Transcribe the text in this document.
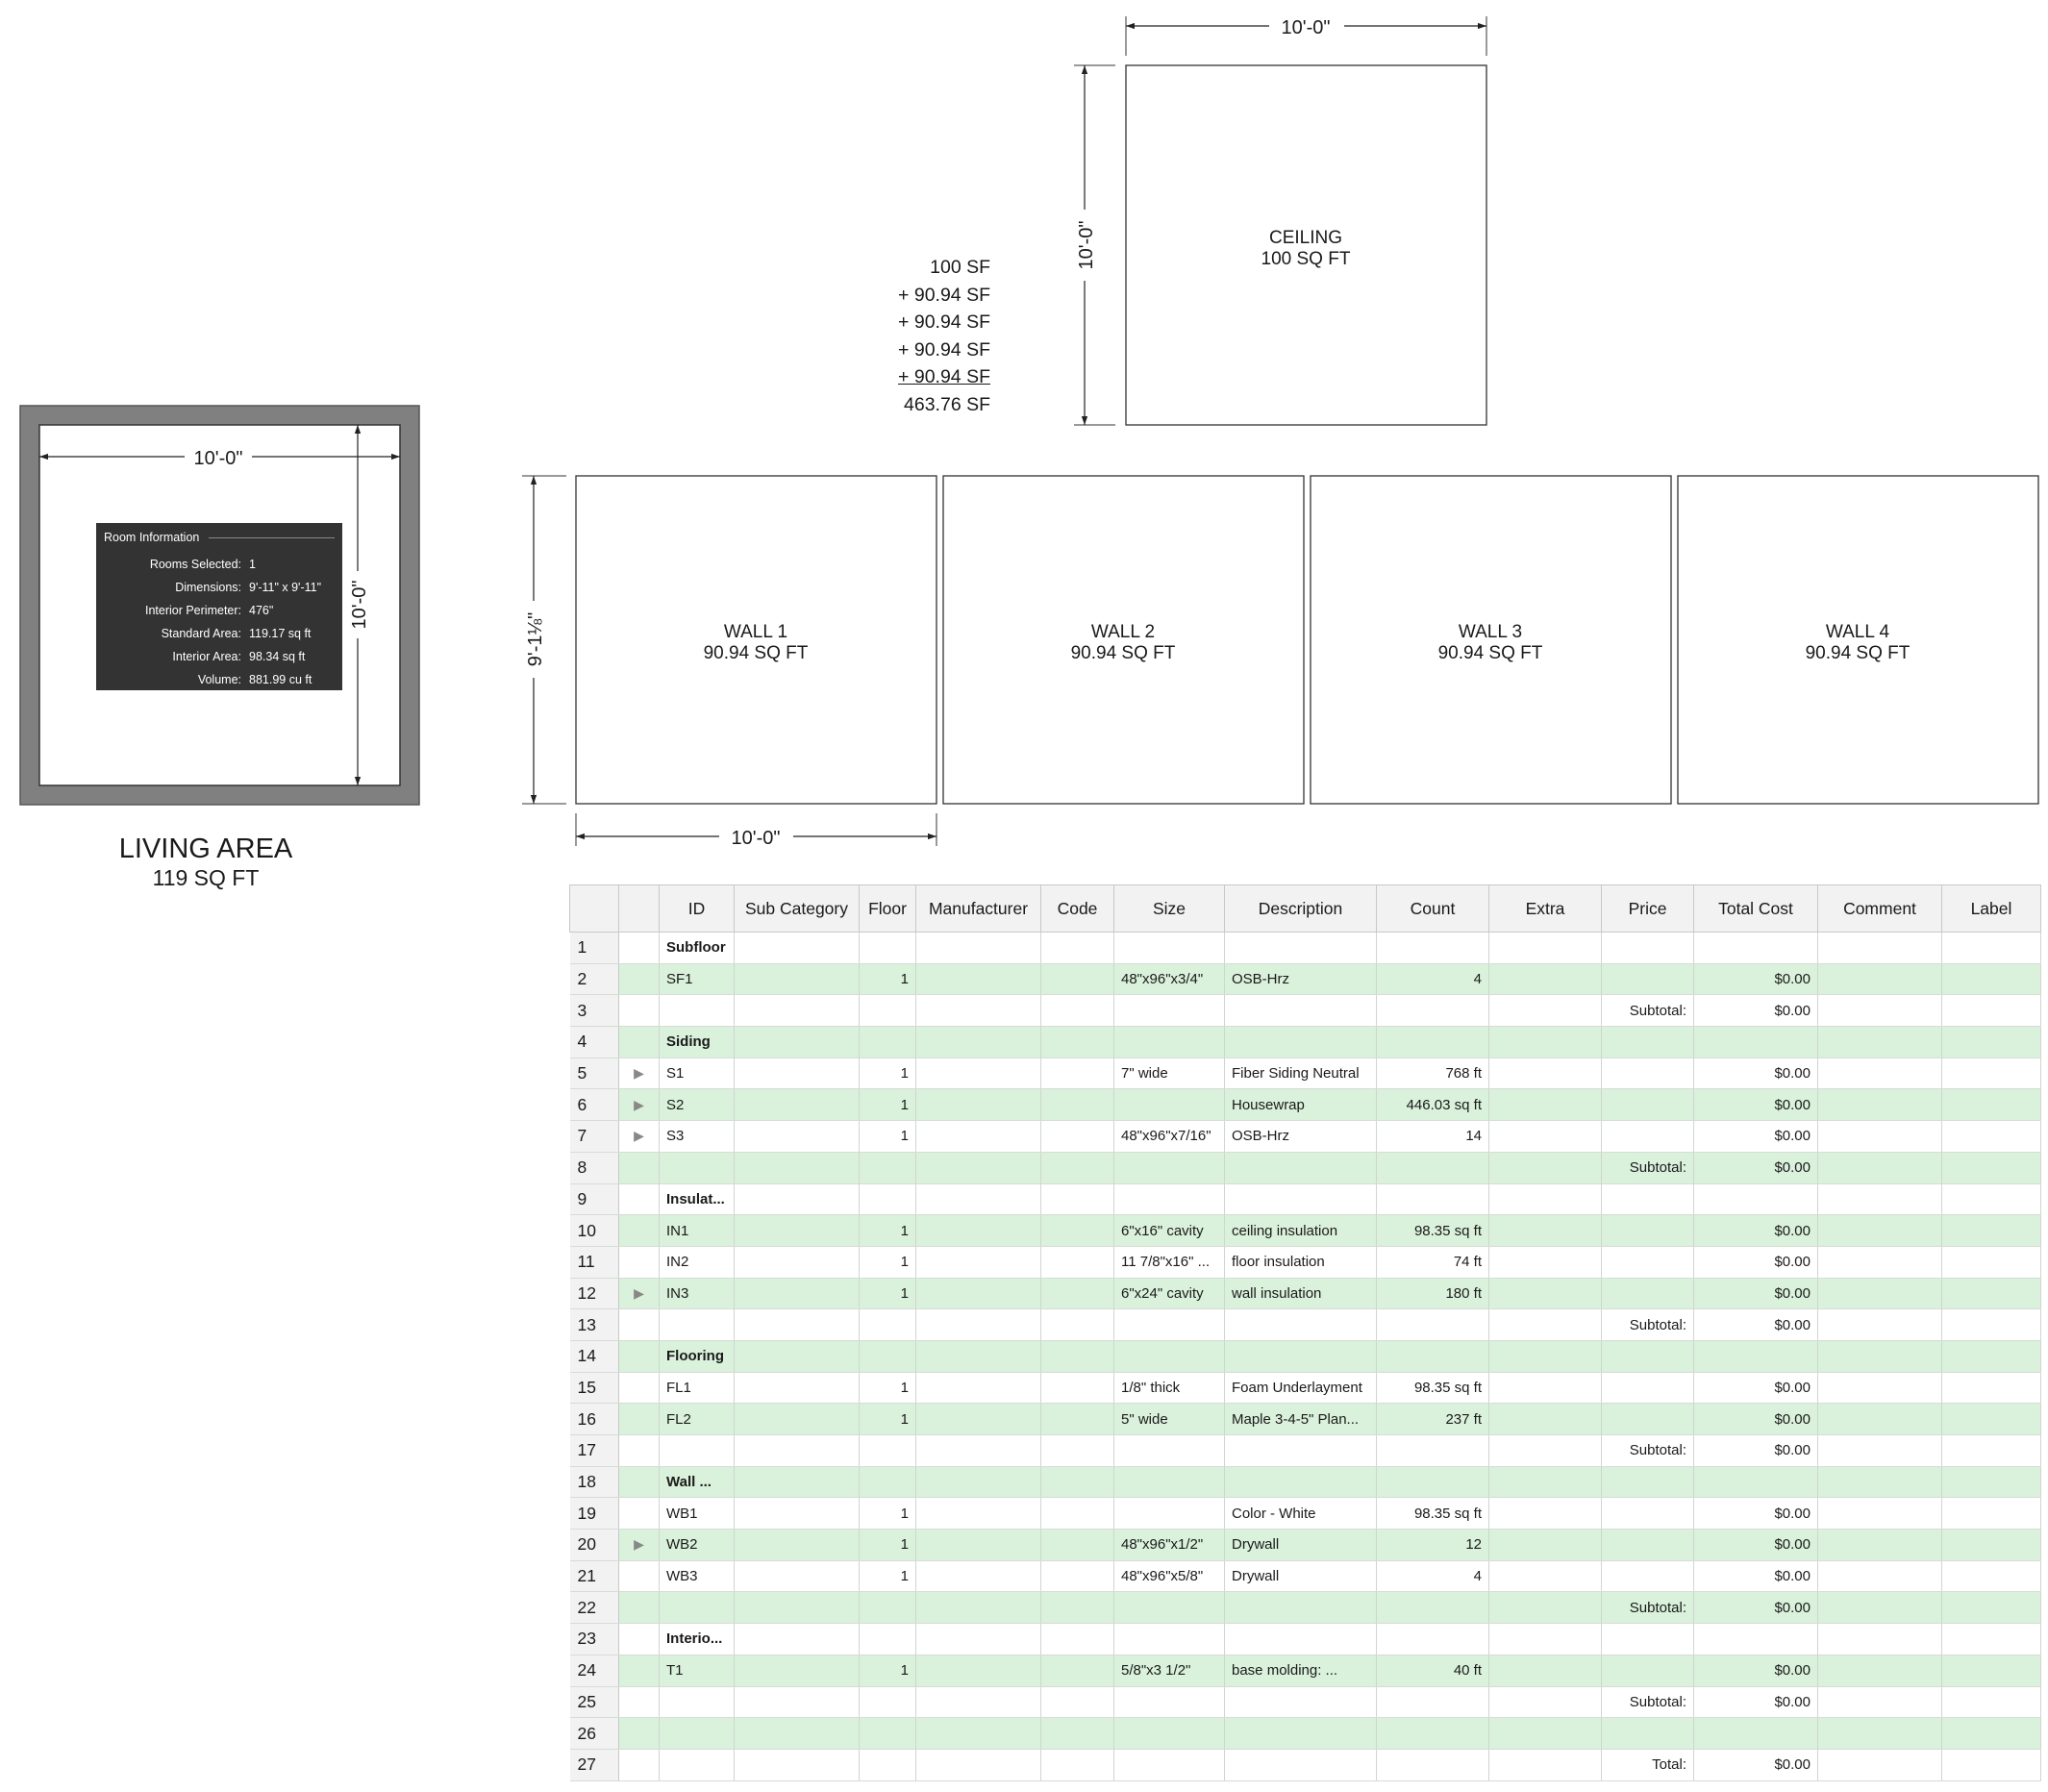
10'-0"
10'-0"
CEILING
100 SQ FT
10'-0"
10'-0"
WALL 1
90.94 SQ FT
WALL 2
90.94 SQ FT
WALL 3
90.94 SQ FT
WALL 4
90.94 SQ FT
9'-1⅛"
10'-0"
Room Information
Rooms Selected: 1
Dimensions: 9'-11" x 9'-11"
Interior Perimeter: 476"
Standard Area: 119.17 sq ft
Interior Area: 98.34 sq ft
Volume: 881.99 cu ft
LIVING AREA
119 SQ FT
100 SF
+ 90.94 SF
+ 90.94 SF
+ 90.94 SF
+ 90.94 SF
463.76 SF
		ID	Sub Category	Floor	Manufacturer	Code	Size	Description	Count	Extra	Price	Total Cost	Comment	Label
1		Subfloor												
2		SF1		1			48"x96"x3/4"	OSB-Hrz	4			$0.00		
3											Subtotal:	$0.00		
4		Siding												
5	▶	S1		1			7" wide	Fiber Siding Neutral	768 ft			$0.00		
6	▶	S2		1				Housewrap	446.03 sq ft			$0.00		
7	▶	S3		1			48"x96"x7/16"	OSB-Hrz	14			$0.00		
8											Subtotal:	$0.00		
9		Insulat...												
10		IN1		1			6"x16" cavity	ceiling insulation	98.35 sq ft			$0.00		
11		IN2		1			11 7/8"x16" ...	floor insulation	74 ft			$0.00		
12	▶	IN3		1			6"x24" cavity	wall insulation	180 ft			$0.00		
13											Subtotal:	$0.00		
14		Flooring												
15		FL1		1			1/8" thick	Foam Underlayment	98.35 sq ft			$0.00		
16		FL2		1			5" wide	Maple 3-4-5" Plan...	237 ft			$0.00		
17											Subtotal:	$0.00		
18		Wall ...												
19		WB1		1				Color - White	98.35 sq ft			$0.00		
20	▶	WB2		1			48"x96"x1/2"	Drywall	12			$0.00		
21		WB3		1			48"x96"x5/8"	Drywall	4			$0.00		
22											Subtotal:	$0.00		
23		Interio...												
24		T1		1			5/8"x3 1/2"	base molding: ...	40 ft			$0.00		
25											Subtotal:	$0.00		
26														
27											Total:	$0.00		
